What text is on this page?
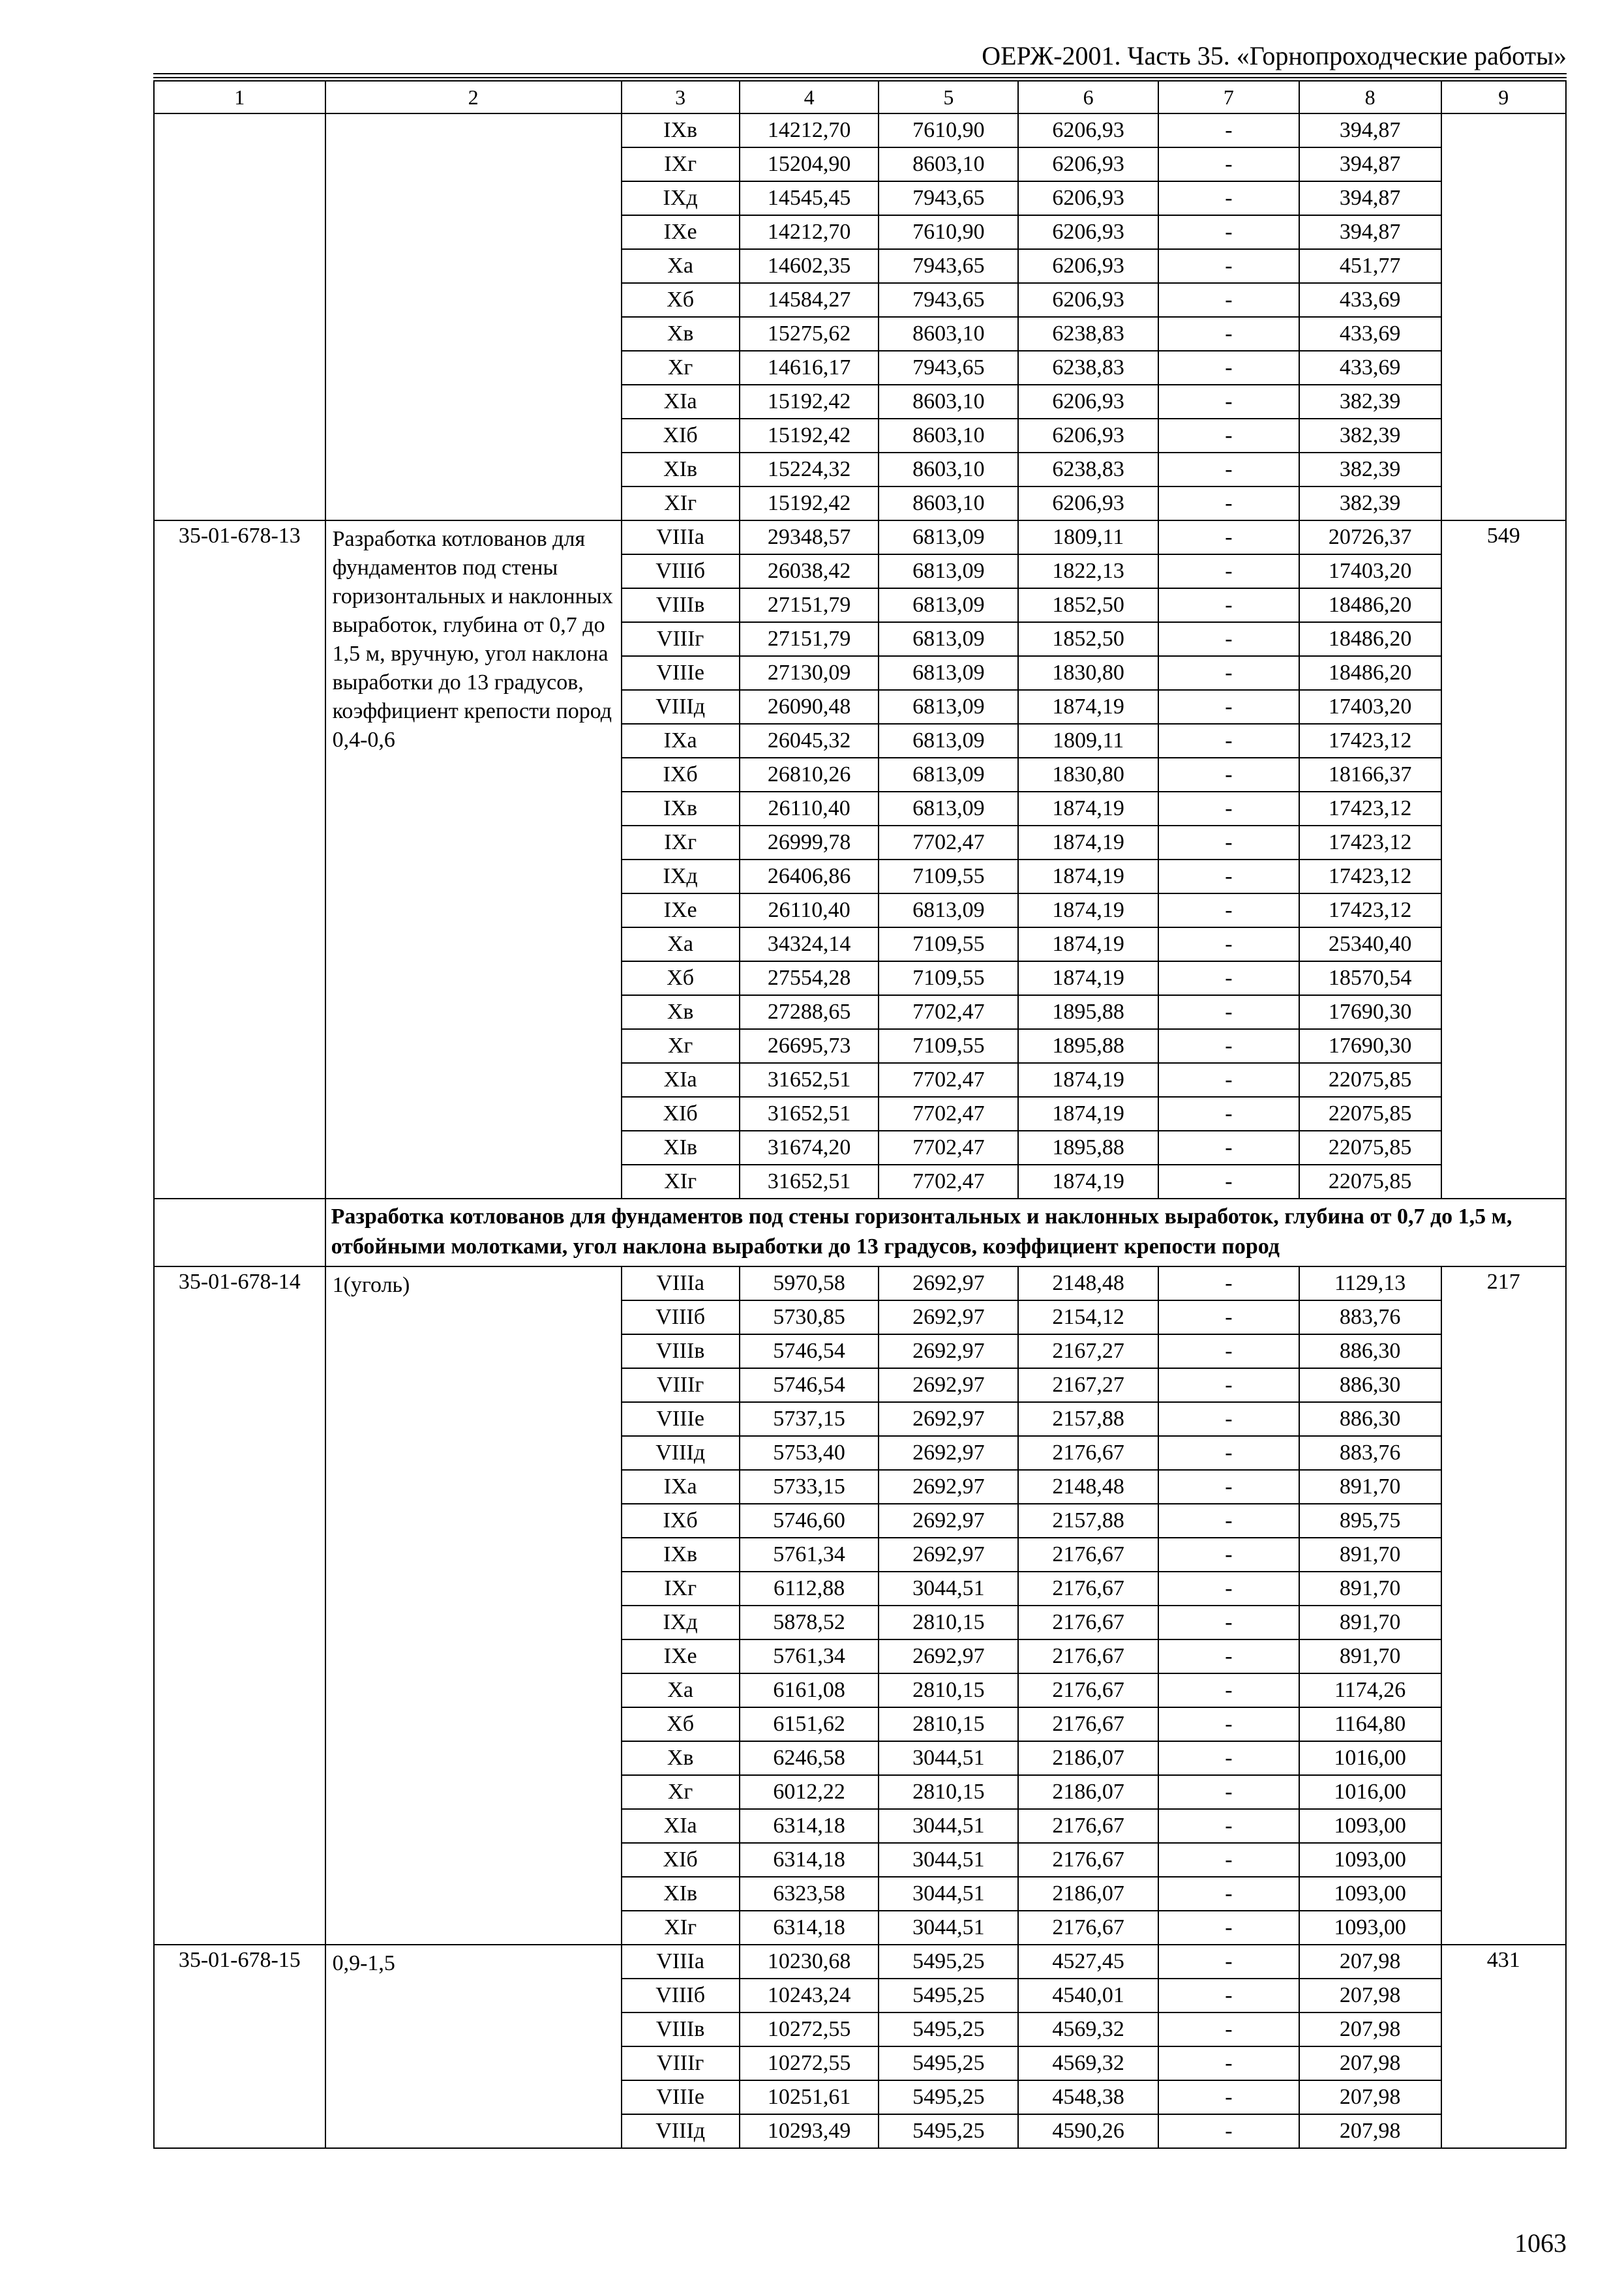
ОЕРЖ-2001. Часть 35. «Горнопроходческие работы»
1	2	3	4	5	6	7	8	9
		IXв	14212,70	7610,90	6206,93	-	394,87	
		IXг	15204,90	8603,10	6206,93	-	394,87	
		IXд	14545,45	7943,65	6206,93	-	394,87	
		IXе	14212,70	7610,90	6206,93	-	394,87	
		Xа	14602,35	7943,65	6206,93	-	451,77	
		Xб	14584,27	7943,65	6206,93	-	433,69	
		Xв	15275,62	8603,10	6238,83	-	433,69	
		Xг	14616,17	7943,65	6238,83	-	433,69	
		XIа	15192,42	8603,10	6206,93	-	382,39	
		XIб	15192,42	8603,10	6206,93	-	382,39	
		XIв	15224,32	8603,10	6238,83	-	382,39	
		XIг	15192,42	8603,10	6206,93	-	382,39	
35-01-678-13	Разработка котлованов для фундаментов под стены горизонтальных и наклонных выработок, глубина от 0,7 до 1,5 м, вручную, угол наклона выработки до 13 градусов, коэффициент крепости пород 0,4-0,6	VIIIа	29348,57	6813,09	1809,11	-	20726,37	549
		VIIIб	26038,42	6813,09	1822,13	-	17403,20	
		VIIIв	27151,79	6813,09	1852,50	-	18486,20	
		VIIIг	27151,79	6813,09	1852,50	-	18486,20	
		VIIIе	27130,09	6813,09	1830,80	-	18486,20	
		VIIIд	26090,48	6813,09	1874,19	-	17403,20	
		IXа	26045,32	6813,09	1809,11	-	17423,12	
		IXб	26810,26	6813,09	1830,80	-	18166,37	
		IXв	26110,40	6813,09	1874,19	-	17423,12	
		IXг	26999,78	7702,47	1874,19	-	17423,12	
		IXд	26406,86	7109,55	1874,19	-	17423,12	
		IXе	26110,40	6813,09	1874,19	-	17423,12	
		Xа	34324,14	7109,55	1874,19	-	25340,40	
		Xб	27554,28	7109,55	1874,19	-	18570,54	
		Xв	27288,65	7702,47	1895,88	-	17690,30	
		Xг	26695,73	7109,55	1895,88	-	17690,30	
		XIа	31652,51	7702,47	1874,19	-	22075,85	
		XIб	31652,51	7702,47	1874,19	-	22075,85	
		XIв	31674,20	7702,47	1895,88	-	22075,85	
		XIг	31652,51	7702,47	1874,19	-	22075,85	
	Разработка котлованов для фундаментов под стены горизонтальных и наклонных выработок, глубина от 0,7 до 1,5 м, отбойными молотками, угол наклона выработки до 13 градусов, коэффициент крепости пород							
35-01-678-14	1(уголь)	VIIIа	5970,58	2692,97	2148,48	-	1129,13	217
		VIIIб	5730,85	2692,97	2154,12	-	883,76	
		VIIIв	5746,54	2692,97	2167,27	-	886,30	
		VIIIг	5746,54	2692,97	2167,27	-	886,30	
		VIIIе	5737,15	2692,97	2157,88	-	886,30	
		VIIIд	5753,40	2692,97	2176,67	-	883,76	
		IXа	5733,15	2692,97	2148,48	-	891,70	
		IXб	5746,60	2692,97	2157,88	-	895,75	
		IXв	5761,34	2692,97	2176,67	-	891,70	
		IXг	6112,88	3044,51	2176,67	-	891,70	
		IXд	5878,52	2810,15	2176,67	-	891,70	
		IXе	5761,34	2692,97	2176,67	-	891,70	
		Xа	6161,08	2810,15	2176,67	-	1174,26	
		Xб	6151,62	2810,15	2176,67	-	1164,80	
		Xв	6246,58	3044,51	2186,07	-	1016,00	
		Xг	6012,22	2810,15	2186,07	-	1016,00	
		XIа	6314,18	3044,51	2176,67	-	1093,00	
		XIб	6314,18	3044,51	2176,67	-	1093,00	
		XIв	6323,58	3044,51	2186,07	-	1093,00	
		XIг	6314,18	3044,51	2176,67	-	1093,00	
35-01-678-15	0,9-1,5	VIIIа	10230,68	5495,25	4527,45	-	207,98	431
		VIIIб	10243,24	5495,25	4540,01	-	207,98	
		VIIIв	10272,55	5495,25	4569,32	-	207,98	
		VIIIг	10272,55	5495,25	4569,32	-	207,98	
		VIIIе	10251,61	5495,25	4548,38	-	207,98	
		VIIIд	10293,49	5495,25	4590,26	-	207,98	
1063
